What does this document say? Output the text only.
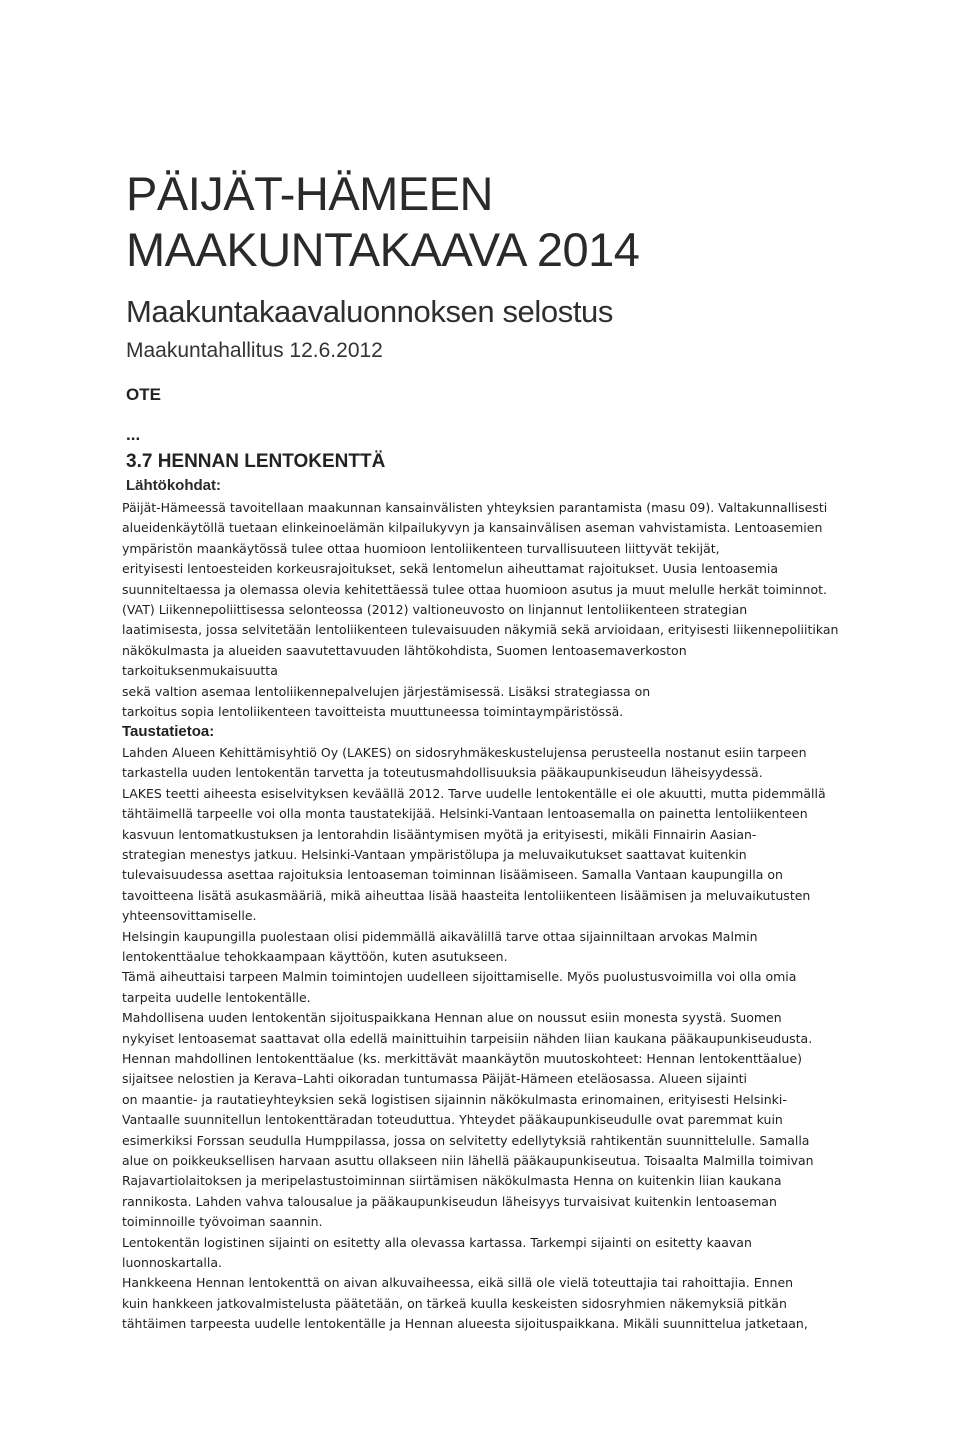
PÄIJÄT-HÄMEEN
MAAKUNTAKAAVA 2014
Maakuntakaavaluonnoksen selostus
Maakuntahallitus 12.6.2012
OTE
...
3.7 HENNAN LENTOKENTTÄ
Lähtökohdat:
Päijät-Hämeessä tavoitellaan maakunnan kansainvälisten yhteyksien parantamista (masu 09). Valtakunnallisesti
alueidenkäytöllä tuetaan elinkeinoelämän kilpailukyvyn ja kansainvälisen aseman vahvistamista. Lentoasemien
ympäristön maankäytössä tulee ottaa huomioon lentoliikenteen turvallisuuteen liittyvät tekijät,
erityisesti lentoesteiden korkeusrajoitukset, sekä lentomelun aiheuttamat rajoitukset. Uusia lentoasemia
suunniteltaessa ja olemassa olevia kehitettäessä tulee ottaa huomioon asutus ja muut melulle herkät toiminnot.
(VAT) Liikennepoliittisessa selonteossa (2012) valtioneuvosto on linjannut lentoliikenteen strategian
laatimisesta, jossa selvitetään lentoliikenteen tulevaisuuden näkymiä sekä arvioidaan, erityisesti liikennepoliitikan
näkökulmasta ja alueiden saavutettavuuden lähtökohdista, Suomen lentoasemaverkoston
tarkoituksenmukaisuutta
sekä valtion asemaa lentoliikennepalvelujen järjestämisessä. Lisäksi strategiassa on
tarkoitus sopia lentoliikenteen tavoitteista muuttuneessa toimintaympäristössä.
Taustatietoa:
Lahden Alueen Kehittämisyhtiö Oy (LAKES) on sidosryhmäkeskustelujensa perusteella nostanut esiin tarpeen
tarkastella uuden lentokentän tarvetta ja toteutusmahdollisuuksia pääkaupunkiseudun läheisyydessä.
LAKES teetti aiheesta esiselvityksen keväällä 2012. Tarve uudelle lentokentälle ei ole akuutti, mutta pidemmällä
tähtäimellä tarpeelle voi olla monta taustatekijää. Helsinki-Vantaan lentoasemalla on painetta lentoliikenteen
kasvuun lentomatkustuksen ja lentorahdin lisääntymisen myötä ja erityisesti, mikäli Finnairin Aasian-
strategian menestys jatkuu. Helsinki-Vantaan ympäristölupa ja meluvaikutukset saattavat kuitenkin
tulevaisuudessa asettaa rajoituksia lentoaseman toiminnan lisäämiseen. Samalla Vantaan kaupungilla on
tavoitteena lisätä asukasmääriä, mikä aiheuttaa lisää haasteita lentoliikenteen lisäämisen ja meluvaikutusten
yhteensovittamiselle.
Helsingin kaupungilla puolestaan olisi pidemmällä aikavälillä tarve ottaa sijainniltaan arvokas Malmin
lentokenttäalue tehokkaampaan käyttöön, kuten asutukseen.
Tämä aiheuttaisi tarpeen Malmin toimintojen uudelleen sijoittamiselle. Myös puolustusvoimilla voi olla omia
tarpeita uudelle lentokentälle.
Mahdollisena uuden lentokentän sijoituspaikkana Hennan alue on noussut esiin monesta syystä. Suomen
nykyiset lentoasemat saattavat olla edellä mainittuihin tarpeisiin nähden liian kaukana pääkaupunkiseudusta.
Hennan mahdollinen lentokenttäalue (ks. merkittävät maankäytön muutoskohteet: Hennan lentokenttäalue)
sijaitsee nelostien ja Kerava–Lahti oikoradan tuntumassa Päijät-Hämeen eteläosassa. Alueen sijainti
on maantie- ja rautatieyhteyksien sekä logistisen sijainnin näkökulmasta erinomainen, erityisesti Helsinki-
Vantaalle suunnitellun lentokenttäradan toteuduttua. Yhteydet pääkaupunkiseudulle ovat paremmat kuin
esimerkiksi Forssan seudulla Humppilassa, jossa on selvitetty edellytyksiä rahtikentän suunnittelulle. Samalla
alue on poikkeuksellisen harvaan asuttu ollakseen niin lähellä pääkaupunkiseutua. Toisaalta Malmilla toimivan
Rajavartiolaitoksen ja meripelastustoiminnan siirtämisen näkökulmasta Henna on kuitenkin liian kaukana
rannikosta. Lahden vahva talousalue ja pääkaupunkiseudun läheisyys turvaisivat kuitenkin lentoaseman
toiminnoille työvoiman saannin.
Lentokentän logistinen sijainti on esitetty alla olevassa kartassa. Tarkempi sijainti on esitetty kaavan
luonnoskartalla.
Hankkeena Hennan lentokenttä on aivan alkuvaiheessa, eikä sillä ole vielä toteuttajia tai rahoittajia. Ennen
kuin hankkeen jatkovalmistelusta päätetään, on tärkeä kuulla keskeisten sidosryhmien näkemyksiä pitkän
tähtäimen tarpeesta uudelle lentokentälle ja Hennan alueesta sijoituspaikkana. Mikäli suunnittelua jatketaan,
